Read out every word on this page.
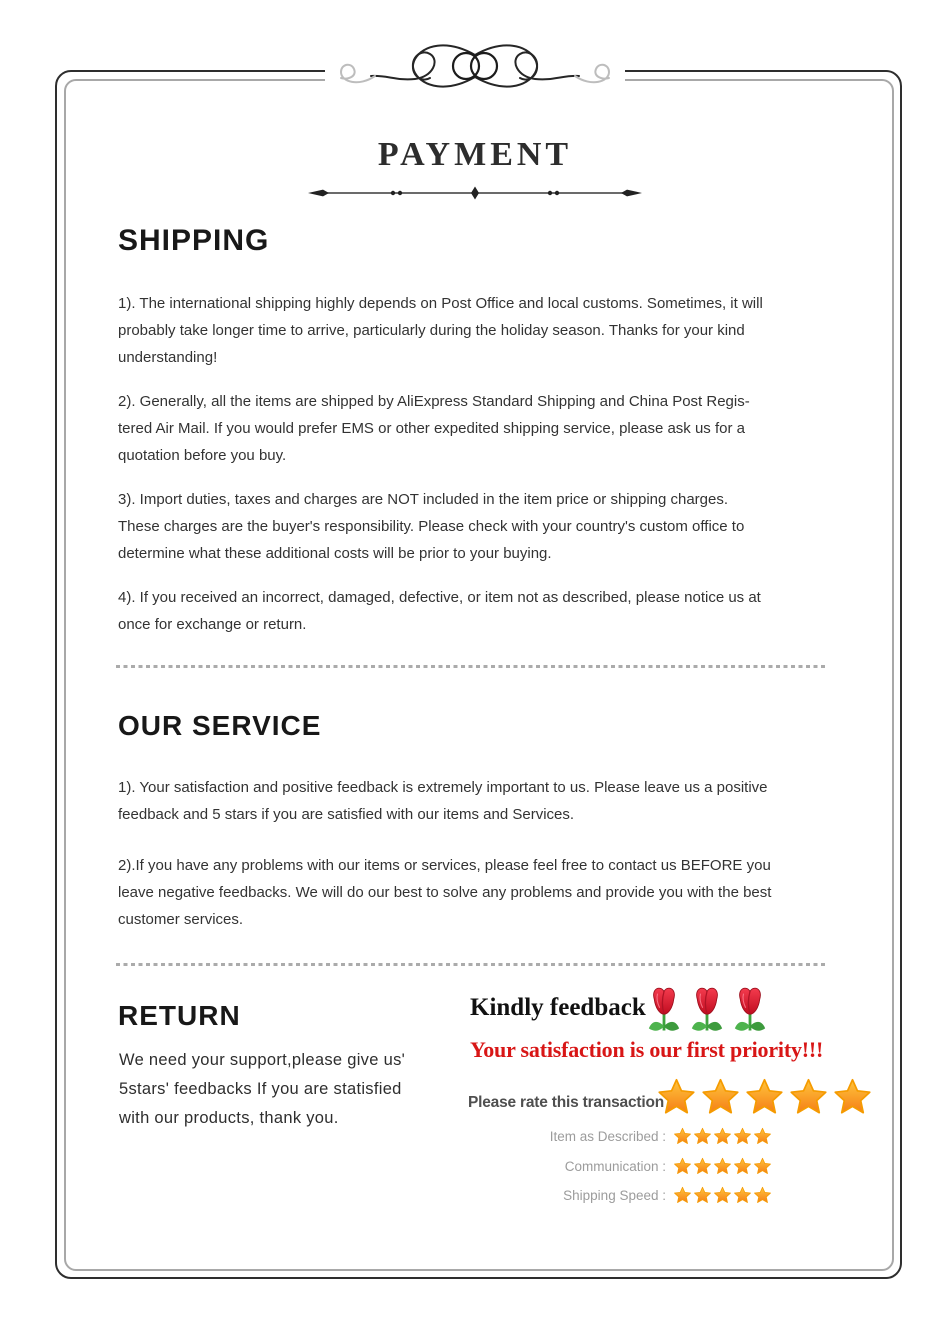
PAYMENT
SHIPPING
1). The international shipping highly depends on Post Office and local customs. Sometimes, it will
probably take longer time to arrive, particularly during the holiday season. Thanks for your kind
understanding!
2). Generally, all the items are shipped by AliExpress Standard Shipping and China Post Regis-
tered Air Mail. If you would prefer EMS or other expedited shipping service, please ask us for a
quotation before you buy.
3). Import duties, taxes and charges are NOT included in the item price or shipping charges.
These charges are the buyer's responsibility. Please check with your country's custom office to
determine what these additional costs will be prior to your buying.
4). If you received an incorrect, damaged, defective, or item not as described, please notice us at
once for exchange or return.
OUR SERVICE
1). Your satisfaction and positive feedback is extremely important to us. Please leave us a positive
feedback and 5 stars if you are satisfied with our items and Services.
2).If you have any problems with our items or services, please feel free to contact us BEFORE you
leave negative feedbacks. We will do our best to solve any problems and provide you with the best
customer services.
RETURN
We need your support,please give us'
5stars' feedbacks If you are statisfied
with our products, thank you.
Kindly feedback

Your satisfaction is our first priority!!!

Please rate this transaction
Item as Described :
Communication :
Shipping Speed :
